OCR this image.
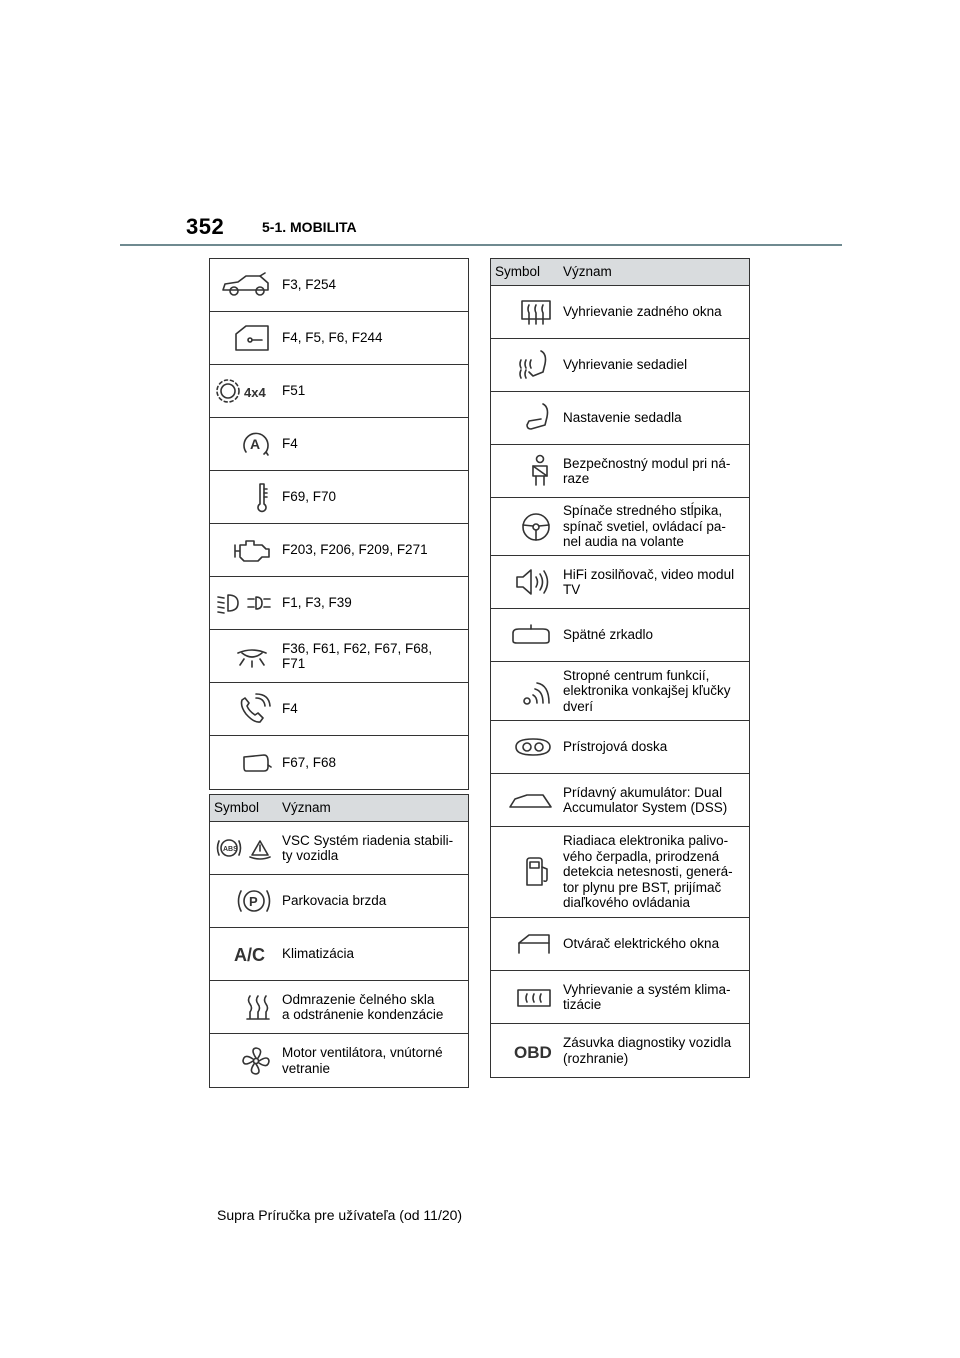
352	5-1. MOBILITA
F3, F254
F4, F5, F6, F244
4x4 F51
A F4
F69, F70
F203, F206, F209, F271
F1, F3, F39
F36, F61, F62, F67, F68,
F71
F4
F67, F68
Symbol	Význam
ABS
VSC Systém riadenia stabili-
ty vozidla
P Parkovacia brzda
A/C Klimatizácia
Odmrazenie čelného skla
a odstránenie kondenzácie
Motor ventilátora, vnútorné
vetranie
Symbol	Význam
Vyhrievanie zadného okna
Vyhrievanie sedadiel
Nastavenie sedadla
Bezpečnostný modul pri ná-
raze
Spínače stredného stĺpika,
spínač svetiel, ovládací pa-
nel audia na volante
HiFi zosilňovač, video modul
TV
Spätné zrkadlo
Stropné centrum funkcií,
elektronika vonkajšej kľučky
dverí
Prístrojová doska
Prídavný akumulátor: Dual
Accumulator System (DSS)
Riadiaca elektronika palivo-
vého čerpadla, prirodzená
detekcia netesnosti, generá-
tor plynu pre BST, prijímač
diaľkového ovládania
Otvárač elektrického okna
Vyhrievanie a systém klima-
tizácie
OBD Zásuvka diagnostiky vozidla
(rozhranie)
Supra Príručka pre užívateľa (od 11/20)
